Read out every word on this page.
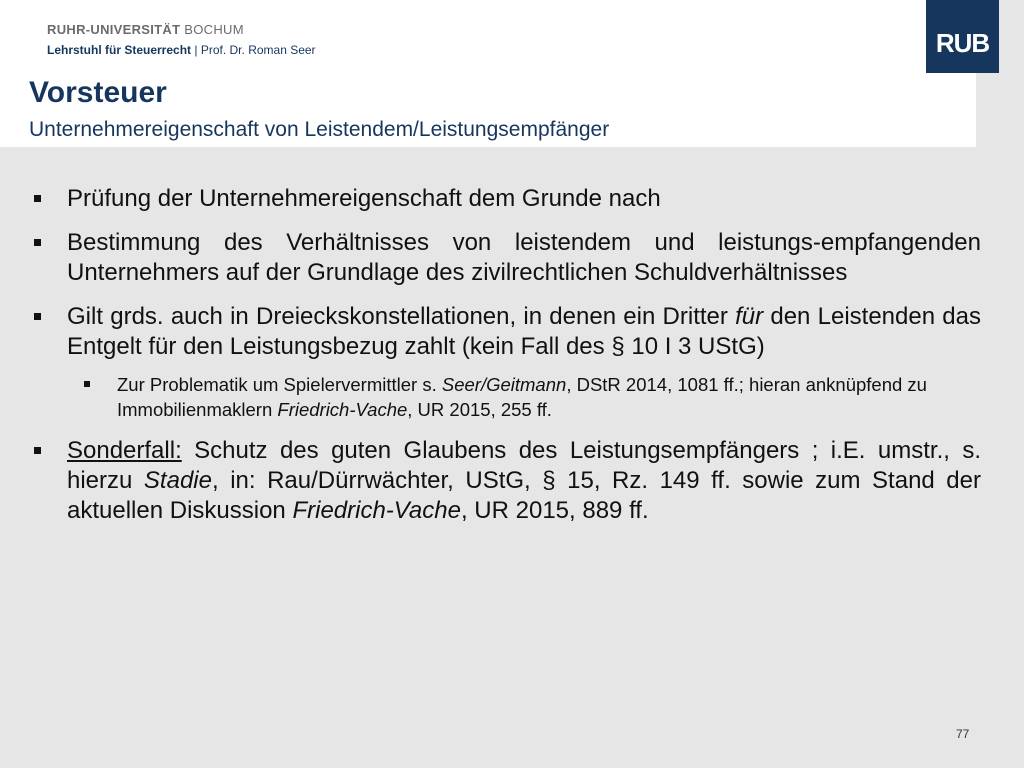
RUHR-UNIVERSITÄT BOCHUM
Lehrstuhl für Steuerrecht | Prof. Dr. Roman Seer	RUB
Vorsteuer
Unternehmereigenschaft von Leistendem/Leistungsempfänger
Prüfung der Unternehmereigenschaft dem Grunde nach
Bestimmung des Verhältnisses von leistendem und leistungs-empfangenden Unternehmers auf der Grundlage des zivilrechtlichen Schuldverhältnisses
Gilt grds. auch in Dreieckskonstellationen, in denen ein Dritter für den Leistenden das Entgelt für den Leistungsbezug zahlt (kein Fall des § 10 I 3 UStG)
Zur Problematik um Spielervermittler s. Seer/Geitmann, DStR 2014, 1081 ff.; hieran anknüpfend zu Immobilienmaklern Friedrich-Vache, UR 2015, 255 ff.
Sonderfall: Schutz des guten Glaubens des Leistungsempfängers ; i.E. umstr., s. hierzu Stadie, in: Rau/Dürrwächter, UStG, § 15, Rz. 149 ff. sowie zum Stand der aktuellen Diskussion Friedrich-Vache, UR 2015, 889 ff.
77
